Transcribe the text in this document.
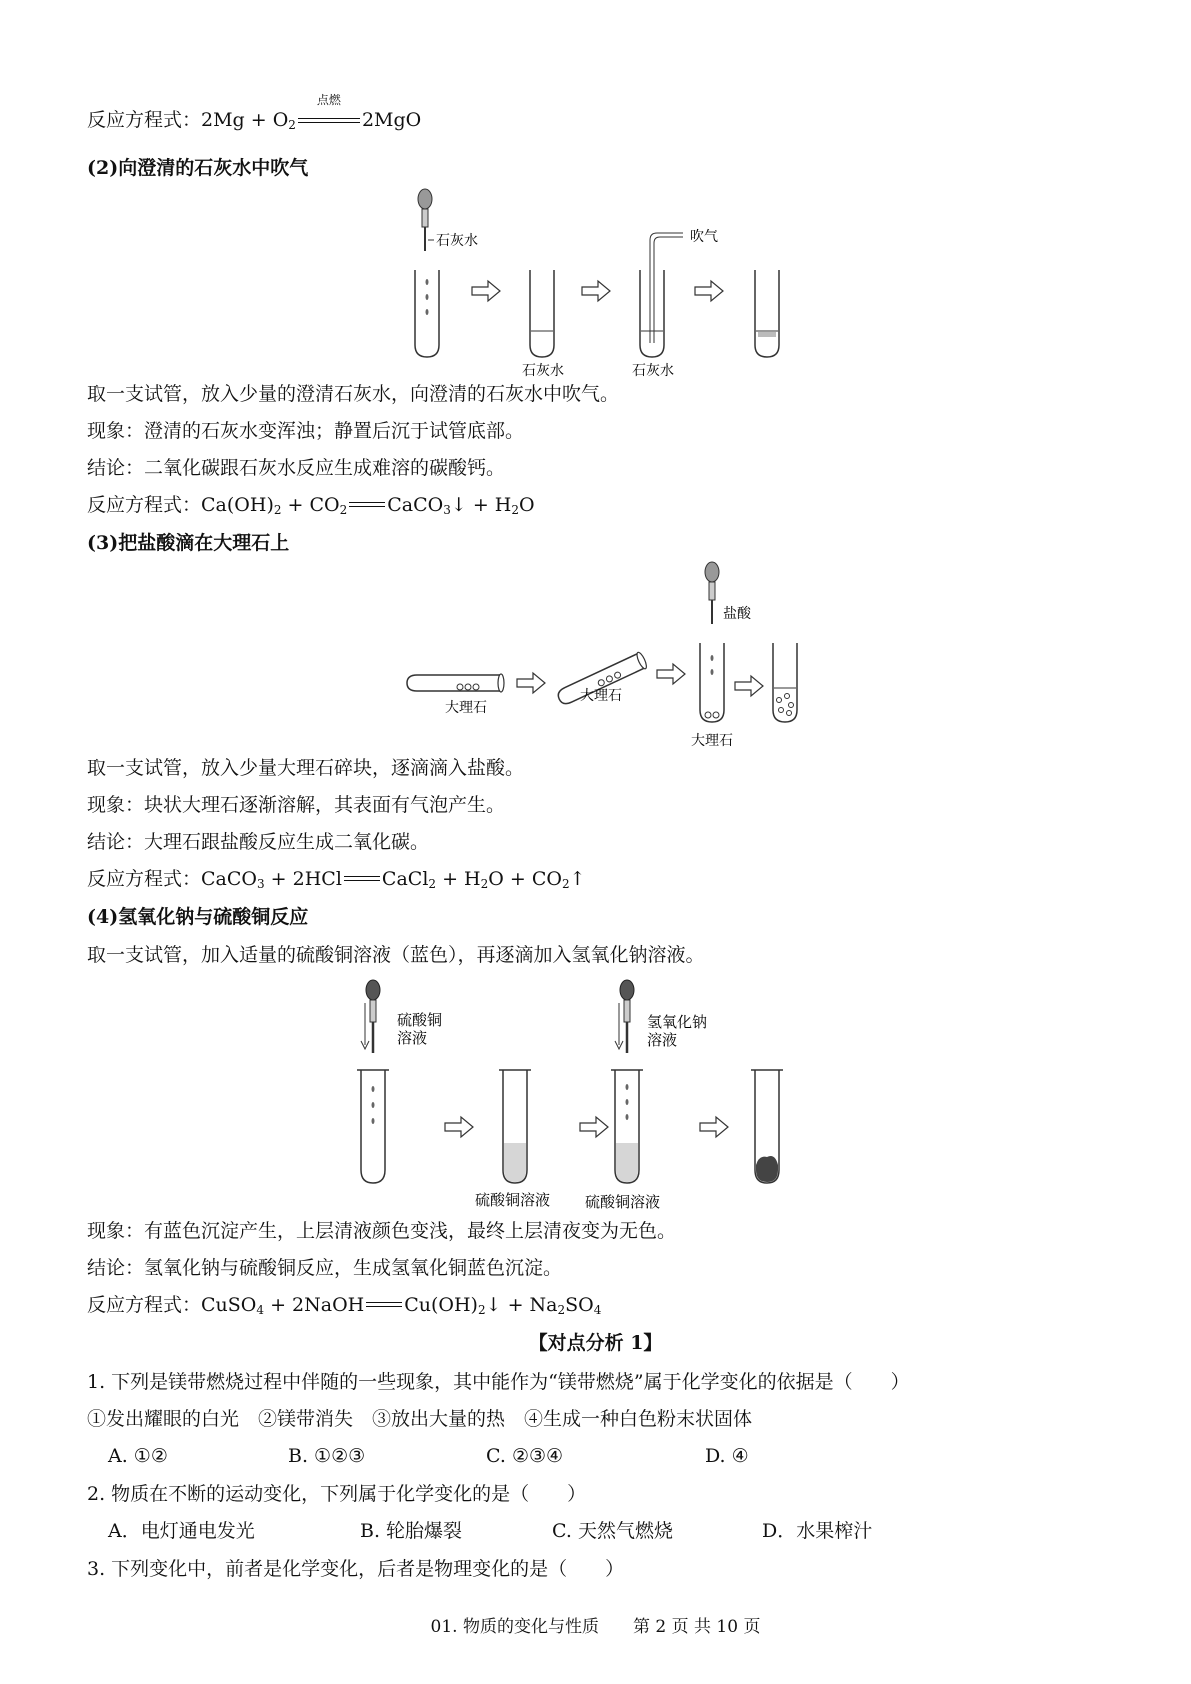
反应方程式：$2Mg + O_2$
点燃
2MgO
(2)向澄清的石灰水中吹气
石灰水
石灰水
吹气
石灰水
取一支试管，放入少量的澄清石灰水，向澄清的石灰水中吹气。
现象：澄清的石灰水变浑浊；静置后沉于试管底部。
结论：二氧化碳跟石灰水反应生成难溶的碳酸钙。
反应方程式：$Ca(OH)_2 + CO_2$ CaCO$_3$↓ + $H_2O$
(3)把盐酸滴在大理石上
大理石
大理石
盐酸
大理石
取一支试管，放入少量大理石碎块，逐滴滴入盐酸。
现象：块状大理石逐渐溶解，其表面有气泡产生。
结论：大理石跟盐酸反应生成二氧化碳。
反应方程式：CaCO$_3$ + 2HCl CaCl$_2$ + $H_2O$ + $CO_2↑$
(4)氢氧化钠与硫酸铜反应
取一支试管，加入适量的硫酸铜溶液（蓝色），再逐滴加入氢氧化钠溶液。
硫酸铜
溶液
硫酸铜溶液
氢氧化钠
溶液
硫酸铜溶液
现象：有蓝色沉淀产生，上层清液颜色变浅，最终上层清夜变为无色。
结论：氢氧化钠与硫酸铜反应，生成氢氧化铜蓝色沉淀。
反应方程式：CuSO$_4$ + 2NaOH $Cu(OH)_2↓ + Na_2SO_4$
【对点分析 1】
1. 下列是镁带燃烧过程中伴随的一些现象，其中能作为“镁带燃烧”属于化学变化的依据是（　　）
①发出耀眼的白光　②镁带消失　③放出大量的热　④生成一种白色粉末状固体
A. ①②	B. ①②③	C. ②③④	D. ④
2. 物质在不断的运动变化，下列属于化学变化的是（　　）
A．电灯通电发光	B. 轮胎爆裂	C. 天然气燃烧	D．水果榨汁
3. 下列变化中，前者是化学变化，后者是物理变化的是（　　）
01. 物质的变化与性质　　第 2 页 共 10 页
